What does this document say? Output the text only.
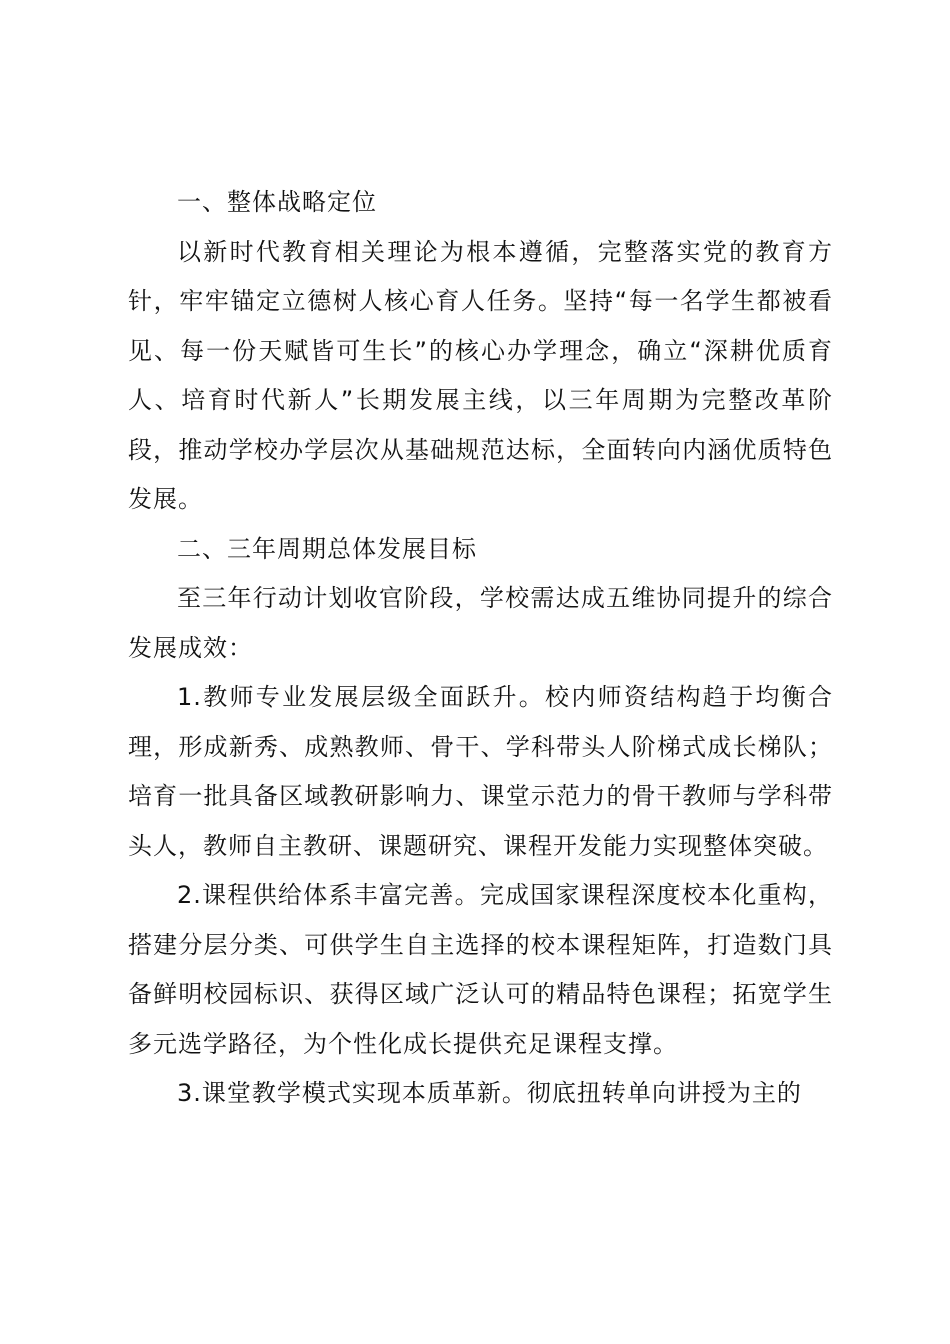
一、整体战略定位

以新时代教育相关理论为根本遵循，完整落实党的教育方针，牢牢锚定立德树人核心育人任务。坚持“每一名学生都被看见、每一份天赋皆可生长”的核心办学理念，确立“深耕优质育人、培育时代新人”长期发展主线，以三年周期为完整改革阶段，推动学校办学层次从基础规范达标，全面转向内涵优质特色发展。

二、三年周期总体发展目标

至三年行动计划收官阶段，学校需达成五维协同提升的综合发展成效：

1.教师专业发展层级全面跃升。校内师资结构趋于均衡合理，形成新秀、成熟教师、骨干、学科带头人阶梯式成长梯队；培育一批具备区域教研影响力、课堂示范力的骨干教师与学科带头人，教师自主教研、课题研究、课程开发能力实现整体突破。

2.课程供给体系丰富完善。完成国家课程深度校本化重构，搭建分层分类、可供学生自主选择的校本课程矩阵，打造数门具备鲜明校园标识、获得区域广泛认可的精品特色课程；拓宽学生多元选学路径，为个性化成长提供充足课程支撑。

3.课堂教学模式实现本质革新。彻底扭转单向讲授为主的
